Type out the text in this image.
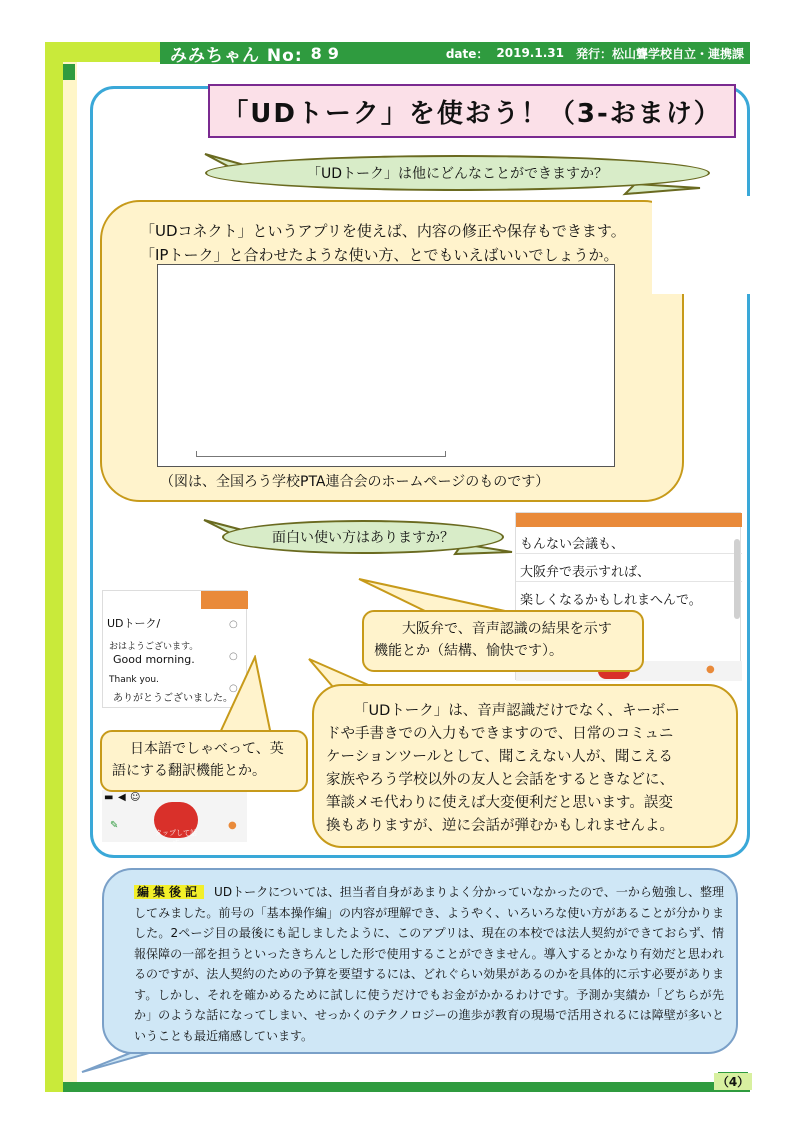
みみちゃん No: 89	date： 2019.1.31 発行：松山聾学校自立・連携課
「UDトーク」を使おう！（3-おまけ）
「UDトーク」は他にどんなことができますか？
「UDコネクト」というアプリを使えば、内容の修正や保存もできます。
「IPトーク」と合わせたような使い方、とでもいえばいいでしょうか。
（図は、全国ろう学校PTA連合会のホームページのものです）
面白い使い方はありますか？	もんない会議も、
大阪弁で表示すれば、
楽しくなるかもしれまへんで。
●
大阪弁で、音声認識の結果を示す
機能とか（結構、愉快です）。
UDトーク/
おはようございます。
Good morning.
Thank you.
ありがとうございました。
○
○
○
▬ ◀ ☺
タップして話す
✎	●
日本語でしゃべって、英
語にする翻訳機能とか。
「UDトーク」は、音声認識だけでなく、キーボー
ドや手書きでの入力もできますので、日常のコミュニ
ケーションツールとして、聞こえない人が、聞こえる
家族やろう学校以外の友人と会話をするときなどに、
筆談メモ代わりに使えば大変便利だと思います。誤変
換もありますが、逆に会話が弾むかもしれませんよ。
編集後記 UDトークについては、担当者自身があまりよく分かっていなかったので、一から勉強し、整理してみました。前号の「基本操作編」の内容が理解でき、ようやく、いろいろな使い方があることが分かりました。2ページ目の最後にも記しましたように、このアプリは、現在の本校では法人契約ができておらず、情報保障の一部を担うといったきちんとした形で使用することができません。導入するとかなり有効だと思われるのですが、法人契約のための予算を要望するには、どれぐらい効果があるのかを具体的に示す必要があります。しかし、それを確かめるために試しに使うだけでもお金がかかるわけです。予測か実績か「どちらが先か」のような話になってしまい、せっかくのテクノロジーの進歩が教育の現場で活用されるには障壁が多いということも最近痛感しています。
（4）
